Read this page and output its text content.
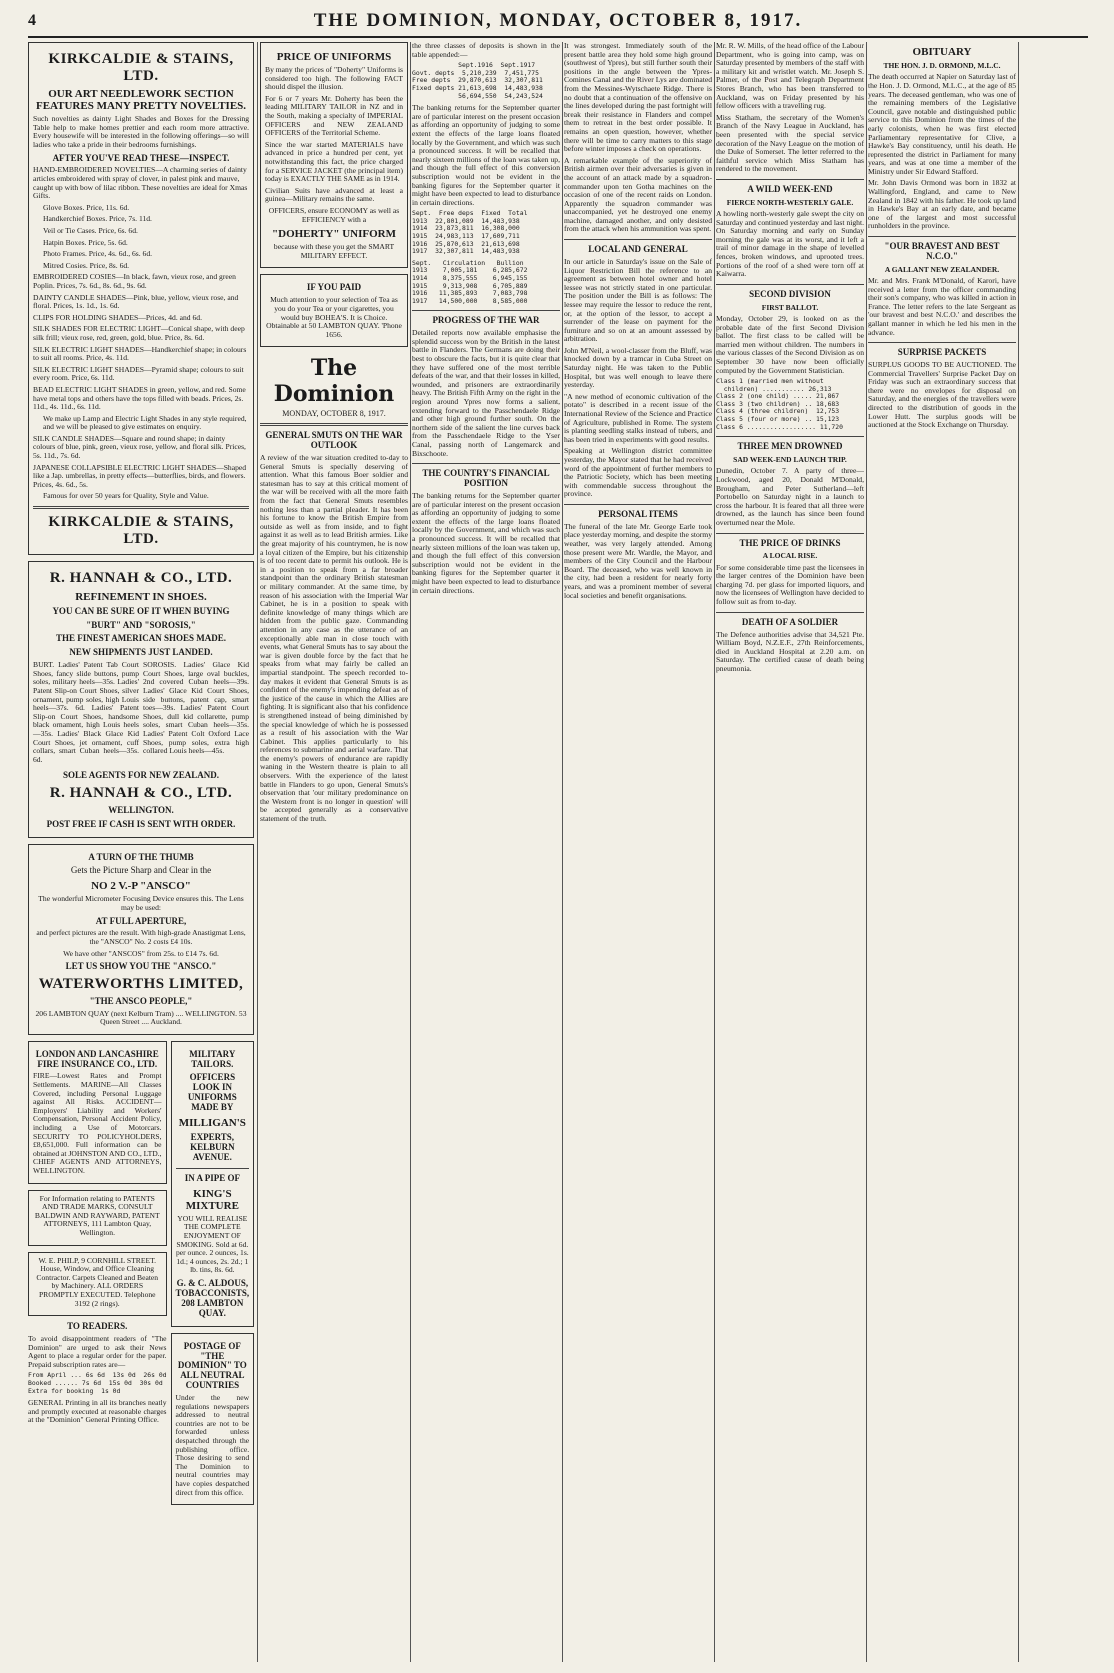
4	THE DOMINION, MONDAY, OCTOBER 8, 1917.
KIRKCALDIE & STAINS, LTD.
OUR ART NEEDLEWORK SECTION FEATURES MANY PRETTY NOVELTIES.

Such novelties as dainty Light Shades and Boxes for the Dressing Table help to make homes prettier and each room more attractive. Every housewife will be interested in the following offerings—so will ladies who take a pride in their bedrooms furnishings.

AFTER YOU'VE READ THESE—INSPECT.

HAND-EMBROIDERED NOVELTIES—A charming series of dainty articles embroidered with spray of clover, in palest pink and mauve, caught up with bow of lilac ribbon. These novelties are ideal for Xmas Gifts.

Glove Boxes. Price, 11s. 6d.

Handkerchief Boxes. Price, 7s. 11d.

Veil or Tie Cases. Price, 6s. 6d.

Hatpin Boxes. Price, 5s. 6d.

Photo Frames. Price, 4s. 6d., 6s. 6d.

Mitred Cosies. Price, 8s. 6d.

EMBROIDERED COSIES—In black, fawn, vieux rose, and green Poplin. Prices, 7s. 6d., 8s. 6d., 9s. 6d.

DAINTY CANDLE SHADES—Pink, blue, yellow, vieux rose, and floral. Prices, 1s. 1d., 1s. 6d.

CLIPS FOR HOLDING SHADES—Prices, 4d. and 6d.

SILK SHADES FOR ELECTRIC LIGHT—Conical shape, with deep silk frill; vieux rose, red, green, gold, blue. Price, 8s. 6d.

SILK ELECTRIC LIGHT SHADES—Handkerchief shape; in colours to suit all rooms. Price, 4s. 11d.

SILK ELECTRIC LIGHT SHADES—Pyramid shape; colours to suit every room. Price, 6s. 11d.

BEAD ELECTRIC LIGHT SHADES in green, yellow, and red. Some have metal tops and others have the tops filled with beads. Prices, 2s. 11d., 4s. 11d., 6s. 11d.

We make up Lamp and Electric Light Shades in any style required, and we will be pleased to give estimates on enquiry.

SILK CANDLE SHADES—Square and round shape; in dainty colours of blue, pink, green, vieux rose, yellow, and floral silk. Prices, 5s. 11d., 7s. 6d.

JAPANESE COLLAPSIBLE ELECTRIC LIGHT SHADES—Shaped like a Jap. umbrellas, in pretty effects—butterflies, birds, and flowers. Prices, 4s. 6d., 5s.

Famous for over 50 years for Quality, Style and Value.

KIRKCALDIE & STAINS, LTD.
R. HANNAH & CO., LTD.
REFINEMENT IN SHOES.
YOU CAN BE SURE OF IT WHEN BUYING
"BURT" AND "SOROSIS,"
THE FINEST AMERICAN SHOES MADE.
NEW SHIPMENTS JUST LANDED.

BURT. Ladies' Patent Tab Court Shoes, fancy slide buttons, pump soles, military heels—35s. Ladies' Patent Slip-on Court Shoes, silver ornament, pump soles, high Louis heels—37s. 6d. Ladies' Patent Slip-on Court Shoes, handsome black ornament, high Louis heels—35s. Ladies' Black Glace Kid Court Shoes, jet ornament, cuff collars, smart Cuban heels—35s. 6d.

SOROSIS. Ladies' Glace Kid Court Shoes, large oval buckles, 2nd covered Cuban heels—39s. Ladies' Glace Kid Court Shoes, side buttons, patent cap, smart toes—39s. Ladies' Patent Court Shoes, dull kid collarette, pump soles, smart Cuban heels—35s. Ladies' Patent Colt Oxford Lace Shoes, pump soles, extra high collared Louis heels—45s.

SOLE AGENTS FOR NEW ZEALAND.
R. HANNAH & CO., LTD.
WELLINGTON.
POST FREE IF CASH IS SENT WITH ORDER.
A TURN OF THE THUMB
Gets the Picture Sharp and Clear in the
NO 2 V.-P "ANSCO"

The wonderful Micrometer Focusing Device ensures this. The Lens may be used:

AT FULL APERTURE,

and perfect pictures are the result. With high-grade Anastigmat Lens, the "ANSCO" No. 2 costs £4 10s.

We have other "ANSCOS" from 25s. to £14 7s. 6d.

LET US SHOW YOU THE "ANSCO."
WATERWORTHS LIMITED,
"THE ANSCO PEOPLE,"

206 LAMBTON QUAY (next Kelburn Tram) .... WELLINGTON. 53 Queen Street .... Auckland.

LONDON AND LANCASHIRE FIRE INSURANCE CO., LTD.

FIRE—Lowest Rates and Prompt Settlements. MARINE—All Classes Covered, including Personal Luggage against All Risks. ACCIDENT—Employers' Liability and Workers' Compensation, Personal Accident Policy, including a Use of Motorcars. SECURITY TO POLICYHOLDERS, £8,651,000. Full information can be obtained at JOHNSTON AND CO., LTD., CHIEF AGENTS AND ATTORNEYS, WELLINGTON.

For Information relating to PATENTS AND TRADE MARKS, CONSULT BALDWIN AND RAYWARD, PATENT ATTORNEYS, 111 Lambton Quay, Wellington.

W. E. PHILP, 9 CORNHILL STREET. House, Window, and Office Cleaning Contractor. Carpets Cleaned and Beaten by Machinery. ALL ORDERS PROMPTLY EXECUTED. Telephone 3192 (2 rings).

TO READERS.

To avoid disappointment readers of "The Dominion" are urged to ask their News Agent to place a regular order for the paper. Prepaid subscription rates are—

From April ... 6s 6d  13s 0d  26s 0d
Booked ...... 7s 6d  15s 0d  30s 0d
Extra for booking  1s 0d

GENERAL Printing in all its branches neatly and promptly executed at reasonable charges at the "Dominion" General Printing Office.

MILITARY TAILORS.
OFFICERS LOOK IN UNIFORMS MADE BY
MILLIGAN'S
EXPERTS, KELBURN AVENUE.
IN A PIPE OF
KING'S MIXTURE

YOU WILL REALISE THE COMPLETE ENJOYMENT OF SMOKING. Sold at 6d. per ounce. 2 ounces, 1s. 1d.; 4 ounces, 2s. 2d.; 1 lb. tins, 8s. 6d.

G. & C. ALDOUS, TOBACCONISTS, 208 LAMBTON QUAY.
POSTAGE OF "THE DOMINION" TO ALL NEUTRAL COUNTRIES

Under the new regulations newspapers addressed to neutral countries are not to be forwarded unless despatched through the publishing office. Those desiring to send The Dominion to neutral countries may have copies despatched direct from this office.

PRICE OF UNIFORMS

By many the prices of "Doherty" Uniforms is considered too high. The following FACT should dispel the illusion.

For 6 or 7 years Mr. Doherty has been the leading MILITARY TAILOR in NZ and in the South, making a specialty of IMPERIAL OFFICERS and NEW ZEALAND OFFICERS of the Territorial Scheme.

Since the war started MATERIALS have advanced in price a hundred per cent, yet notwithstanding this fact, the price charged for a SERVICE JACKET (the principal item) today is EXACTLY THE SAME as in 1914.

Civilian Suits have advanced at least a guinea—Military remains the same.

OFFICERS, ensure ECONOMY as well as EFFICIENCY with a

"DOHERTY" UNIFORM

because with these you get the SMART MILITARY EFFECT.

IF YOU PAID

Much attention to your selection of Tea as you do your Tea or your cigarettes, you would buy BOHEA'S. It is Choice. Obtainable at 50 LAMBTON QUAY. 'Phone 1656.

The Dominion
MONDAY, OCTOBER 8, 1917.
GENERAL SMUTS ON THE WAR OUTLOOK

A review of the war situation credited to-day to General Smuts is specially deserving of attention. What this famous Boer soldier and statesman has to say at this critical moment of the war will be received with all the more faith from the fact that General Smuts resembles nothing less than a partial pleader. It has been his fortune to know the British Empire from outside as well as from inside, and to fight against it as well as to lead British armies. Like the great majority of his countrymen, he is now a loyal citizen of the Empire, but his citizenship is of too recent date to permit his outlook. He is in a position to speak from a far broader standpoint than the ordinary British statesman or military commander. At the same time, by reason of his association with the Imperial War Cabinet, he is in a position to speak with definite knowledge of many things which are hidden from the public gaze. Commanding attention in any case as the utterance of an exceptionally able man in close touch with events, what General Smuts has to say about the war is given double force by the fact that he speaks from what may fairly be called an impartial standpoint. The speech recorded to-day makes it evident that General Smuts is as confident of the enemy's impending defeat as of the justice of the cause in which the Allies are fighting. It is significant also that his confidence is strengthened instead of being diminished by the special knowledge of which he is possessed as a result of his association with the War Cabinet. This applies particularly to his references to submarine and aerial warfare. That the enemy's powers of endurance are rapidly waning in the Western theatre is plain to all observers. With the experience of the latest battle in Flanders to go upon, General Smuts's observation that 'our military predominance on the Western front is no longer in question' will be accepted generally as a conservative statement of the truth.

the three classes of deposits is shown in the table appended:—

Sept.1916  Sept.1917
Govt. depts  5,210,239  7,451,775
Free depts  29,870,613  32,307,811
Fixed depts 21,613,698  14,483,938
56,694,550  54,243,524

The banking returns for the September quarter are of particular interest on the present occasion as affording an opportunity of judging to some extent the effects of the large loans floated locally by the Government, and which was such a pronounced success. It will be recalled that nearly sixteen millions of the loan was taken up, and though the full effect of this conversion subscription would not be evident in the banking figures for the September quarter it might have been expected to lead to disturbance in certain directions.

Sept.  Free deps  Fixed  Total
1913  22,801,089  14,483,938
1914  23,873,811  16,308,000
1915  24,983,113  17,609,711
1916  25,870,613  21,613,698
1917  32,307,811  14,483,938
Sept.   Circulation   Bullion
1913    7,005,181    6,285,672
1914    8,375,555    6,945,155
1915    9,313,908    6,705,889
1916   11,385,893    7,083,798
1917   14,500,000    8,585,000
PROGRESS OF THE WAR

Detailed reports now available emphasise the splendid success won by the British in the latest battle in Flanders. The Germans are doing their best to obscure the facts, but it is quite clear that they have suffered one of the most terrible defeats of the war, and that their losses in killed, wounded, and prisoners are extraordinarily heavy. The British Fifth Army on the right in the region around Ypres now forms a salient, extending forward to the Passchendaele Ridge and other high ground further south. On the northern side of the salient the line curves back from the Passchendaele Ridge to the Yser Canal, passing north of Langemarck and Bixschoote.

THE COUNTRY'S FINANCIAL POSITION

The banking returns for the September quarter are of particular interest on the present occasion as affording an opportunity of judging to some extent the effects of the large loans floated locally by the Government, and which was such a pronounced success. It will be recalled that nearly sixteen millions of the loan was taken up, and though the full effect of this conversion subscription would not be evident in the banking figures for the September quarter it might have been expected to lead to disturbance in certain directions.

It was strongest. Immediately south of the present battle area they hold some high ground (southwest of Ypres), but still further south their positions in the angle between the Ypres-Comines Canal and the River Lys are dominated from the Messines-Wytschaete Ridge. There is no doubt that a continuation of the offensive on the lines developed during the past fortnight will break their resistance in Flanders and compel them to retreat in the best order possible. It remains an open question, however, whether there will be time to carry matters to this stage before winter imposes a check on operations.

A remarkable example of the superiority of British airmen over their adversaries is given in the account of an attack made by a squadron-commander upon ten Gotha machines on the occasion of one of the recent raids on London. Apparently the squadron commander was unaccompanied, yet he destroyed one enemy machine, damaged another, and only desisted from the attack when his ammunition was spent.

LOCAL AND GENERAL

In our article in Saturday's issue on the Sale of Liquor Restriction Bill the reference to an agreement as between hotel owner and hotel lessee was not strictly stated in one particular. The position under the Bill is as follows: The lessee may require the lessor to reduce the rent, or, at the option of the lessor, to accept a surrender of the lease on payment for the furniture and so on at an amount assessed by arbitration.

John M'Neil, a wool-classer from the Bluff, was knocked down by a tramcar in Cuba Street on Saturday night. He was taken to the Public Hospital, but was well enough to leave there yesterday.

"A new method of economic cultivation of the potato" is described in a recent issue of the International Review of the Science and Practice of Agriculture, published in Rome. The system is planting seedling stalks instead of tubers, and has been tried in experiments with good results.

Speaking at Wellington district committee yesterday, the Mayor stated that he had received word of the appointment of further members to the Patriotic Society, which has been meeting with commendable success throughout the province.

PERSONAL ITEMS

The funeral of the late Mr. George Earle took place yesterday morning, and despite the stormy weather, was very largely attended. Among those present were Mr. Wardle, the Mayor, and members of the City Council and the Harbour Board. The deceased, who was well known in the city, had been a resident for nearly forty years, and was a prominent member of several local societies and benefit organisations.

Mr. R. W. Mills, of the head office of the Labour Department, who is going into camp, was on Saturday presented by members of the staff with a military kit and wristlet watch. Mr. Joseph S. Palmer, of the Post and Telegraph Department Stores Branch, who has been transferred to Auckland, was on Friday presented by his fellow officers with a travelling rug.

Miss Statham, the secretary of the Women's Branch of the Navy League in Auckland, has been presented with the special service decoration of the Navy League on the motion of the Duke of Somerset. The letter referred to the faithful service which Miss Statham has rendered to the movement.

A WILD WEEK-END
FIERCE NORTH-WESTERLY GALE.

A howling north-westerly gale swept the city on Saturday and continued yesterday and last night. On Saturday morning and early on Sunday morning the gale was at its worst, and it left a trail of minor damage in the shape of levelled fences, broken windows, and uprooted trees. Portions of the roof of a shed were torn off at Kaiwarra.

SECOND DIVISION
FIRST BALLOT.

Monday, October 29, is looked on as the probable date of the first Second Division ballot. The first class to be called will be married men without children. The numbers in the various classes of the Second Division as on September 30 have now been officially computed by the Government Statistician.

Class 1 (married men without
children) ........... 26,313
Class 2 (one child) ..... 21,867
Class 3 (two children) .. 18,683
Class 4 (three children)  12,753
Class 5 (four or more) .. 15,123
Class 6 .................. 11,720
THREE MEN DROWNED
SAD WEEK-END LAUNCH TRIP.

Dunedin, October 7. A party of three—Lockwood, aged 20, Donald M'Donald, Brougham, and Peter Sutherland—left Portobello on Saturday night in a launch to cross the harbour. It is feared that all three were drowned, as the launch has since been found overturned near the Mole.

THE PRICE OF DRINKS
A LOCAL RISE.

For some considerable time past the licensees in the larger centres of the Dominion have been charging 7d. per glass for imported liquors, and now the licensees of Wellington have decided to follow suit as from to-day.

DEATH OF A SOLDIER

The Defence authorities advise that 34,521 Pte. William Boyd, N.Z.E.F., 27th Reinforcements, died in Auckland Hospital at 2.20 a.m. on Saturday. The certified cause of death being pneumonia.

OBITUARY
THE HON. J. D. ORMOND, M.L.C.

The death occurred at Napier on Saturday last of the Hon. J. D. Ormond, M.L.C., at the age of 85 years. The deceased gentleman, who was one of the remaining members of the Legislative Council, gave notable and distinguished public service to this Dominion from the times of the early colonists, when he was first elected Parliamentary representative for Clive, a Hawke's Bay constituency, until his death. He represented the district in Parliament for many years, and was at one time a member of the Ministry under Sir Edward Stafford.

Mr. John Davis Ormond was born in 1832 at Wallingford, England, and came to New Zealand in 1842 with his father. He took up land in Hawke's Bay at an early date, and became one of the largest and most successful runholders in the province.

"OUR BRAVEST AND BEST N.C.O."
A GALLANT NEW ZEALANDER.

Mr. and Mrs. Frank M'Donald, of Karori, have received a letter from the officer commanding their son's company, who was killed in action in France. The letter refers to the late Sergeant as 'our bravest and best N.C.O.' and describes the gallant manner in which he led his men in the advance.

SURPRISE PACKETS

SURPLUS GOODS TO BE AUCTIONED. The Commercial Travellers' Surprise Packet Day on Friday was such an extraordinary success that there were no envelopes for disposal on Saturday, and the energies of the travellers were directed to the distribution of goods in the Lower Hutt. The surplus goods will be auctioned at the Stock Exchange on Thursday.
